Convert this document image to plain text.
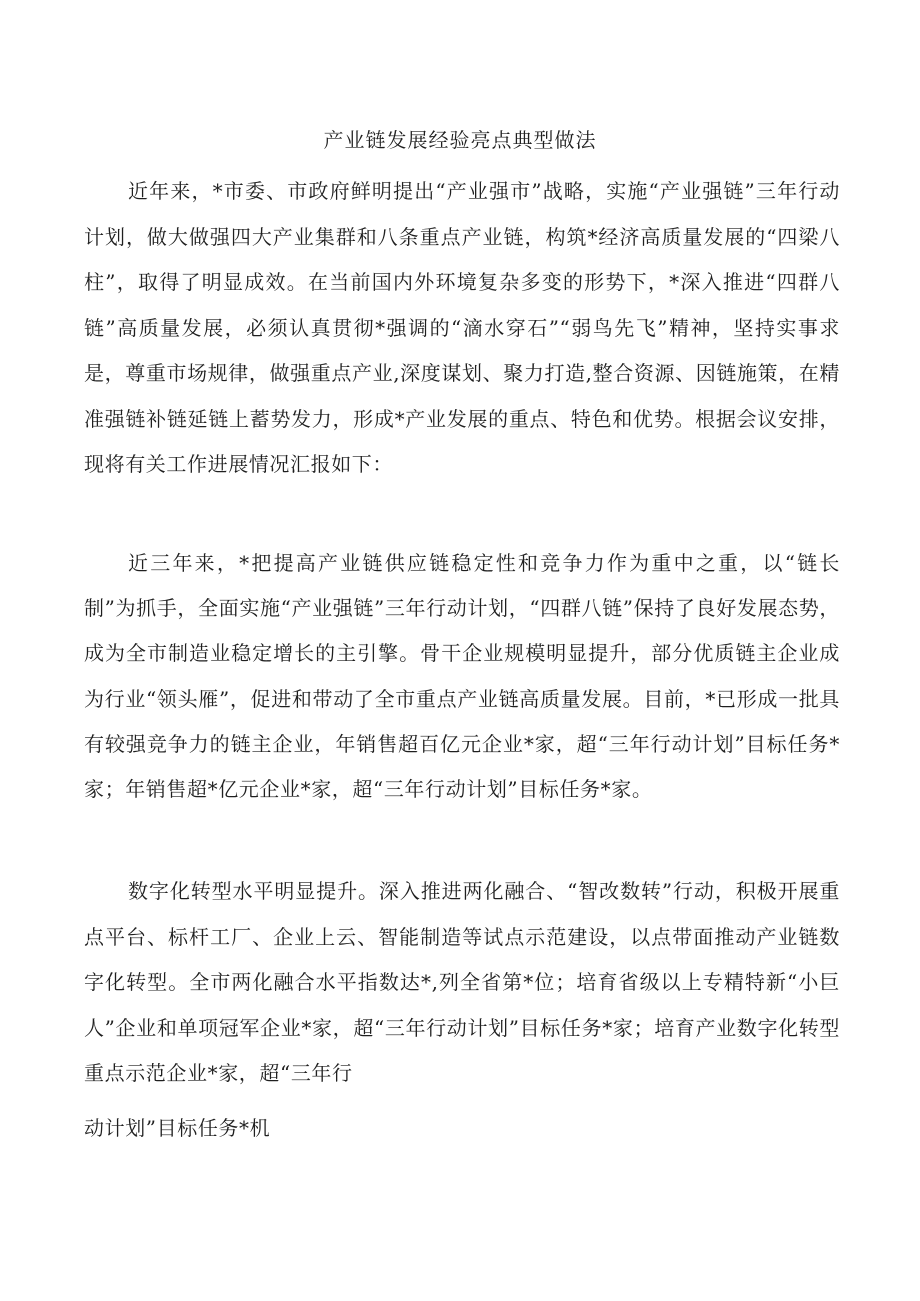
产业链发展经验亮点典型做法

近年来，*市委、市政府鲜明提出“产业强市”战略，实施“产业强链”三年行动计划，做大做强四大产业集群和八条重点产业链，构筑*经济高质量发展的“四梁八柱”，取得了明显成效。在当前国内外环境复杂多变的形势下，*深入推进“四群八链”高质量发展，必须认真贯彻*强调的“滴水穿石”“弱鸟先飞”精神，坚持实事求是，尊重市场规律，做强重点产业,深度谋划、聚力打造,整合资源、因链施策，在精准强链补链延链上蓄势发力，形成*产业发展的重点、特色和优势。根据会议安排，现将有关工作进展情况汇报如下：

近三年来，*把提高产业链供应链稳定性和竞争力作为重中之重，以“链长制”为抓手，全面实施“产业强链”三年行动计划，“四群八链”保持了良好发展态势，成为全市制造业稳定增长的主引擎。骨干企业规模明显提升，部分优质链主企业成为行业“领头雁”，促进和带动了全市重点产业链高质量发展。目前，*已形成一批具有较强竞争力的链主企业，年销售超百亿元企业*家，超“三年行动计划”目标任务*家；年销售超*亿元企业*家，超“三年行动计划”目标任务*家。

数字化转型水平明显提升。深入推进两化融合、“智改数转”行动，积极开展重点平台、标杆工厂、企业上云、智能制造等试点示范建设，以点带面推动产业链数字化转型。全市两化融合水平指数达*,列全省第*位；培育省级以上专精特新“小巨人”企业和单项冠军企业*家，超“三年行动计划”目标任务*家；培育产业数字化转型重点示范企业*家，超“三年行

动计划”目标任务*机
